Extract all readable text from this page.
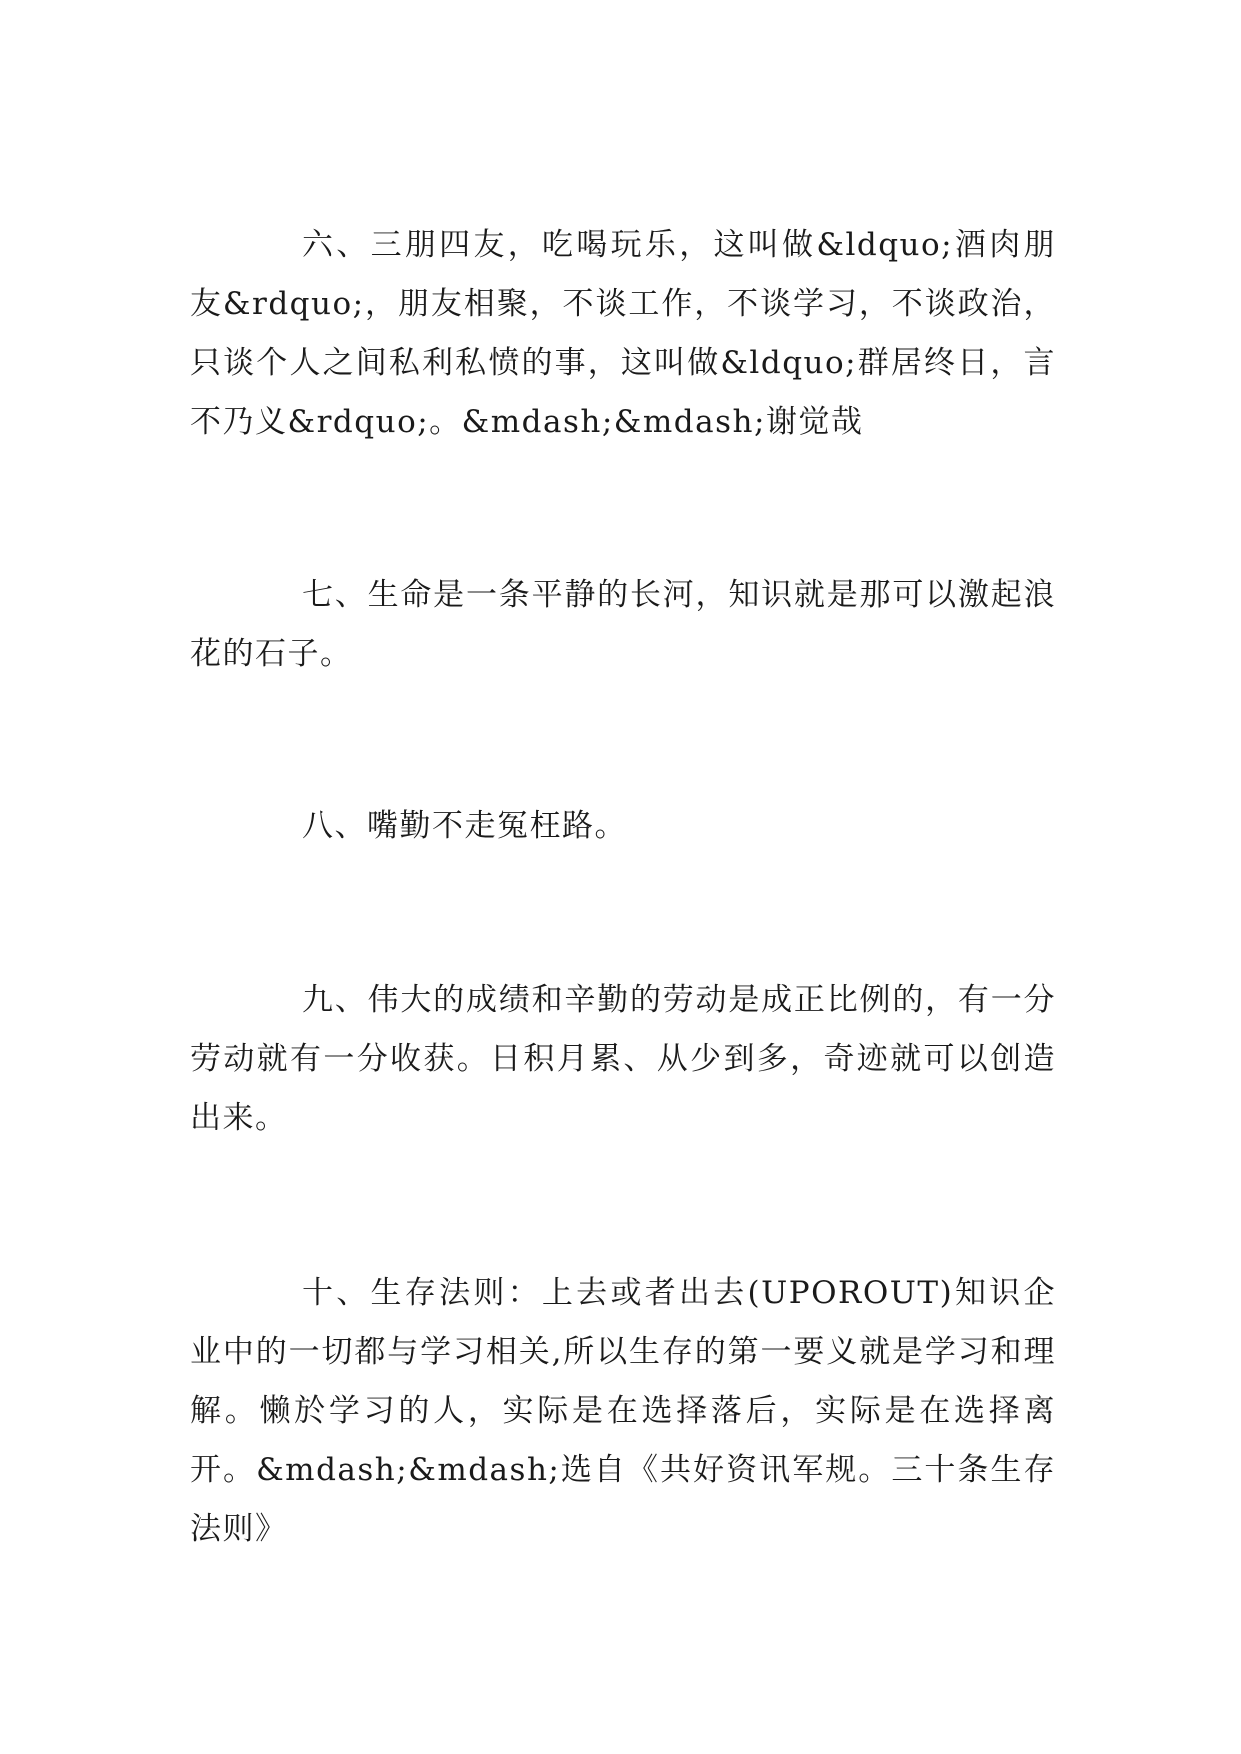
六、三朋四友，吃喝玩乐，这叫做&ldquo;酒肉朋友&rdquo;，朋友相聚，不谈工作，不谈学习，不谈政治，只谈个人之间私利私愤的事，这叫做&ldquo;群居终日，言不乃义&rdquo;。&mdash;&mdash;谢觉哉

七、生命是一条平静的长河，知识就是那可以激起浪花的石子。

八、嘴勤不走冤枉路。

九、伟大的成绩和辛勤的劳动是成正比例的，有一分劳动就有一分收获。日积月累、从少到多，奇迹就可以创造出来。

十、生存法则：上去或者出去(UPOROUT)知识企业中的一切都与学习相关,所以生存的第一要义就是学习和理解。懒於学习的人，实际是在选择落后，实际是在选择离开。&mdash;&mdash;选自《共好资讯军规。三十条生存法则》
